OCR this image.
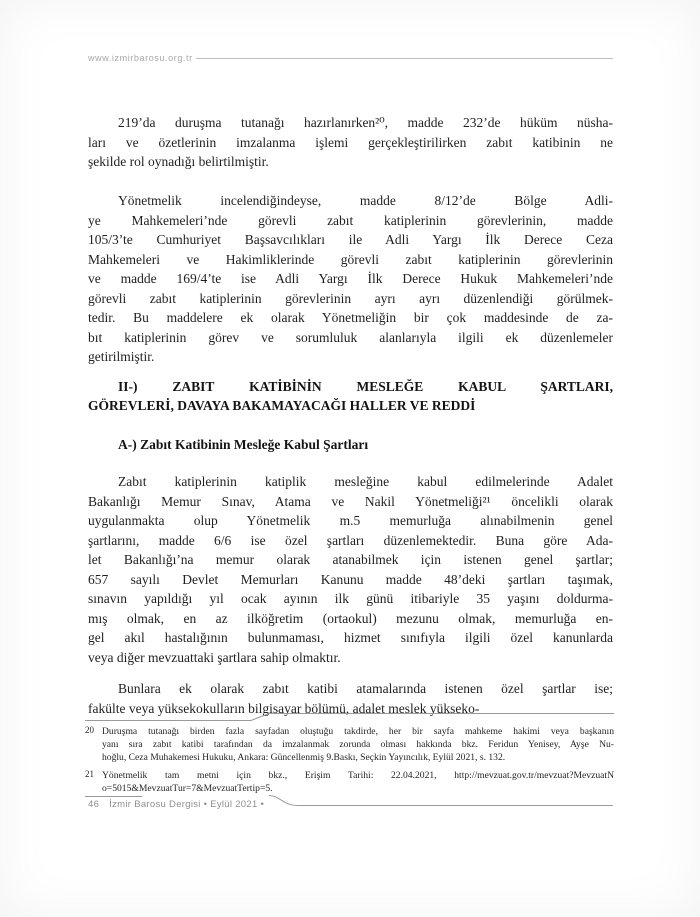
www.izmirbarosu.org.tr
219’da duruşma tutanağı hazırlanırken²⁰, madde 232’de hüküm nüsha-
ları ve özetlerinin imzalanma işlemi gerçekleştirilirken zabıt katibinin ne
şekilde rol oynadığı belirtilmiştir.
Yönetmelik incelendiğindeyse, madde 8/12’de Bölge Adli-
ye Mahkemeleri’nde görevli zabıt katiplerinin görevlerinin, madde
105/3’te Cumhuriyet Başsavcılıkları ile Adli Yargı İlk Derece Ceza
Mahkemeleri ve Hakimliklerinde görevli zabıt katiplerinin görevlerinin
ve madde 169/4’te ise Adli Yargı İlk Derece Hukuk Mahkemeleri’nde
görevli zabıt katiplerinin görevlerinin ayrı ayrı düzenlendiği görülmek-
tedir. Bu maddelere ek olarak Yönetmeliğin bir çok maddesinde de za-
bıt katiplerinin görev ve sorumluluk alanlarıyla ilgili ek düzenlemeler
getirilmiştir.
II-) ZABIT KATİBİNİN MESLEĞE KABUL ŞARTLARI,
GÖREVLERİ, DAVAYA BAKAMAYACAĞI HALLER VE REDDİ
A-) Zabıt Katibinin Mesleğe Kabul Şartları
Zabıt katiplerinin katiplik mesleğine kabul edilmelerinde Adalet
Bakanlığı Memur Sınav, Atama ve Nakil Yönetmeliği²¹ öncelikli olarak
uygulanmakta olup Yönetmelik m.5 memurluğa alınabilmenin genel
şartlarını, madde 6/6 ise özel şartları düzenlemektedir. Buna göre Ada-
let Bakanlığı’na memur olarak atanabilmek için istenen genel şartlar;
657 sayılı Devlet Memurları Kanunu madde 48’deki şartları taşımak,
sınavın yapıldığı yıl ocak ayının ilk günü itibariyle 35 yaşını doldurma-
mış olmak, en az ilköğretim (ortaokul) mezunu olmak, memurluğa en-
gel akıl hastalığının bulunmaması, hizmet sınıfıyla ilgili özel kanunlarda
veya diğer mevzuattaki şartlara sahip olmaktır.
Bunlara ek olarak zabıt katibi atamalarında istenen özel şartlar ise;
fakülte veya yüksekokulların bilgisayar bölümü, adalet meslek yükseko-
20 Duruşma tutanağı birden fazla sayfadan oluştuğu takdirde, her bir sayfa mahkeme hakimi veya başkanın
yanı sıra zabıt katibi tarafından da imzalanmak zorunda olması hakkında bkz. Feridun Yenisey, Ayşe Nu-
hoğlu, Ceza Muhakemesi Hukuku, Ankara: Güncellenmiş 9.Baskı, Seçkin Yayıncılık, Eylül 2021, s. 132.
21 Yönetmelik tam metni için bkz., Erişim Tarihi: 22.04.2021, http://mevzuat.gov.tr/mevzuat?MevzuatN
o=5015&MevzuatTur=7&MevzuatTertip=5.
46 İzmir Barosu Dergisi • Eylül 2021 •
